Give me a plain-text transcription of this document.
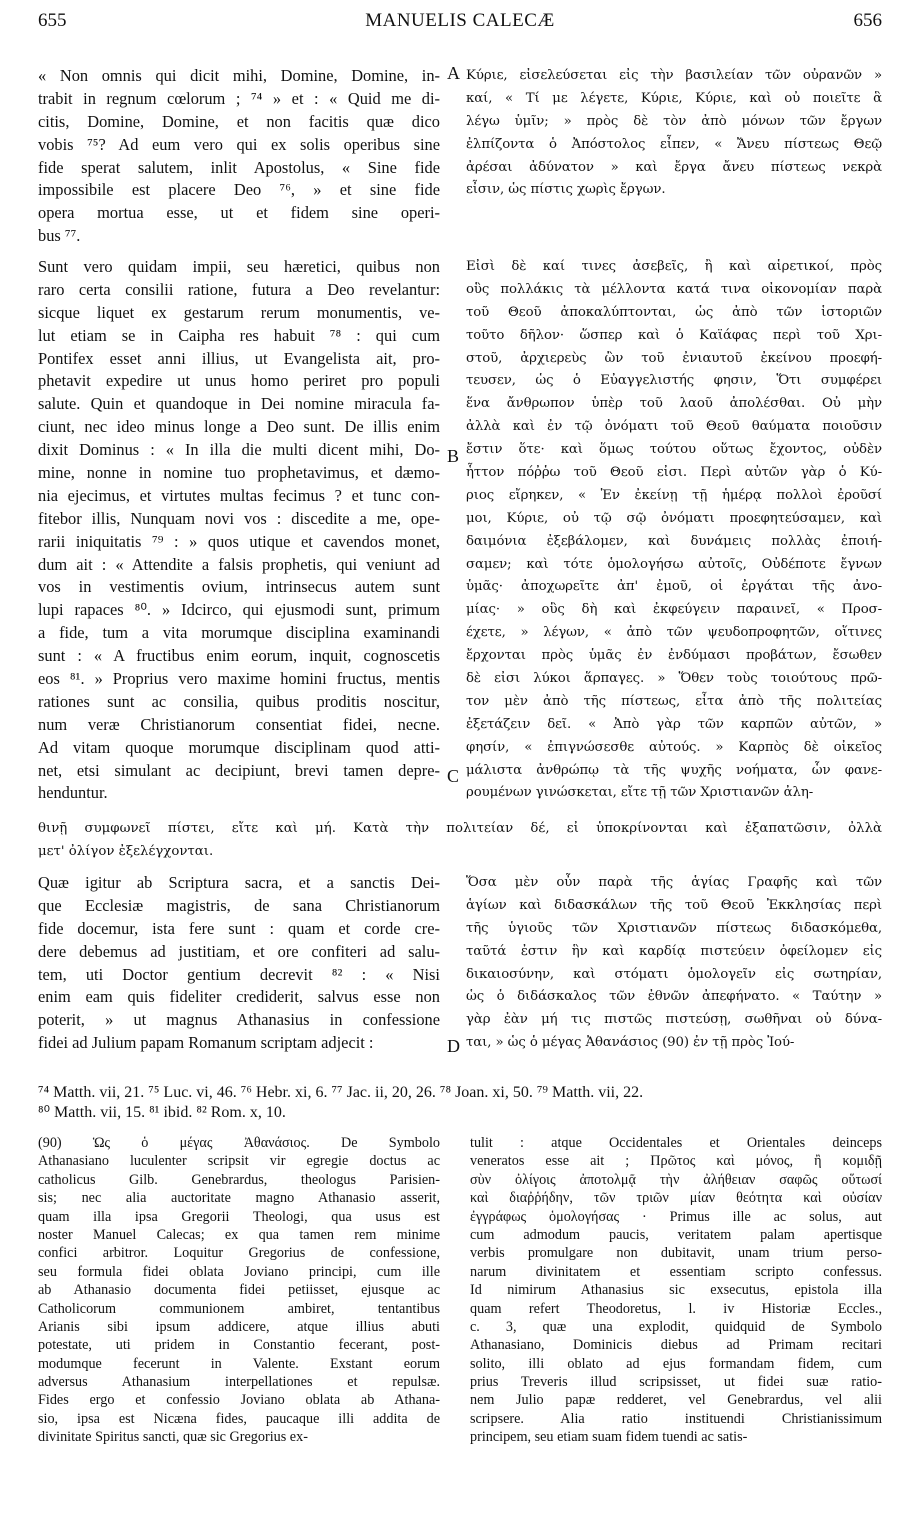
655	MANUELIS CALECÆ	656
A
B
C
D
« Non omnis qui dicit mihi, Domine, Domine, in-
trabit in regnum cœlorum ; ⁷⁴ » et : « Quid me di-
citis, Domine, Domine, et non facitis quæ dico
vobis ⁷⁵? Ad eum vero qui ex solis operibus sine
fide sperat salutem, inlit Apostolus, « Sine fide
impossibile est placere Deo ⁷⁶, » et sine fide
opera mortua esse, ut et fidem sine operi-
bus ⁷⁷.
Κύριε, εἰσελεύσεται εἰς τὴν βασιλείαν τῶν οὐρανῶν »
καί, « Τί με λέγετε, Κύριε, Κύριε, καὶ οὐ ποιεῖτε ἃ
λέγω ὑμῖν; » πρὸς δὲ τὸν ἀπὸ μόνων τῶν ἔργων
ἐλπίζοντα ὁ Ἀπόστολος εἶπεν, « Ἄνευ πίστεως Θεῷ
ἀρέσαι ἀδύνατον » καὶ ἔργα ἄνευ πίστεως νεκρὰ
εἶσιν, ὡς πίστις χωρὶς ἔργων.
Sunt vero quidam impii, seu hæretici, quibus non
raro certa consilii ratione, futura a Deo revelantur:
sicque liquet ex gestarum rerum monumentis, ve-
lut etiam se in Caipha res habuit ⁷⁸ : qui cum
Pontifex esset anni illius, ut Evangelista ait, pro-
phetavit expedire ut unus homo periret pro populi
salute. Quin et quandoque in Dei nomine miracula fa-
ciunt, nec ideo minus longe a Deo sunt. De illis enim
dixit Dominus : « In illa die multi dicent mihi, Do-
mine, nonne in nomine tuo prophetavimus, et dæmo-
nia ejecimus, et virtutes multas fecimus ? et tunc con-
fitebor illis, Nunquam novi vos : discedite a me, ope-
rarii iniquitatis ⁷⁹ : » quos utique et cavendos monet,
dum ait : « Attendite a falsis prophetis, qui veniunt ad
vos in vestimentis ovium, intrinsecus autem sunt
lupi rapaces ⁸⁰. » Idcirco, qui ejusmodi sunt, primum
a fide, tum a vita morumque disciplina examinandi
sunt : « A fructibus enim eorum, inquit, cognoscetis
eos ⁸¹. » Proprius vero maxime homini fructus, mentis
rationes sunt ac consilia, quibus proditis noscitur,
num veræ Christianorum consentiat fidei, necne.
Ad vitam quoque morumque disciplinam quod atti-
net, etsi simulant ac decipiunt, brevi tamen depre-
henduntur.
Εἰσὶ δὲ καί τινες ἀσεβεῖς, ἢ καὶ αἱρετικοί, πρὸς
οὓς πολλάκις τὰ μέλλοντα κατά τινα οἰκονομίαν παρὰ
τοῦ Θεοῦ ἀποκαλύπτονται, ὡς ἀπὸ τῶν ἱστοριῶν
τοῦτο δῆλον· ὥσπερ καὶ ὁ Καϊάφας περὶ τοῦ Χρι-
στοῦ, ἀρχιερεὺς ὢν τοῦ ἐνιαυτοῦ ἐκείνου προεφή-
τευσεν, ὡς ὁ Εὐαγγελιστής φησιν, Ὅτι συμφέρει
ἕνα ἄνθρωπον ὑπὲρ τοῦ λαοῦ ἀπολέσθαι. Οὐ μὴν
ἀλλὰ καὶ ἐν τῷ ὀνόματι τοῦ Θεοῦ θαύματα ποιοῦσιν
ἔστιν ὅτε· καὶ ὅμως τούτου οὕτως ἔχοντος, οὐδὲν
ἧττον πόῤῥω τοῦ Θεοῦ εἰσι. Περὶ αὐτῶν γὰρ ὁ Κύ-
ριος εἴρηκεν, « Ἐν ἐκείνῃ τῇ ἡμέρᾳ πολλοὶ ἐροῦσί
μοι, Κύριε, οὐ τῷ σῷ ὀνόματι προεφητεύσαμεν, καὶ
δαιμόνια ἐξεβάλομεν, καὶ δυνάμεις πολλὰς ἐποιή-
σαμεν; καὶ τότε ὁμολογήσω αὐτοῖς, Οὐδέποτε ἔγνων
ὑμᾶς· ἀποχωρεῖτε ἀπ' ἐμοῦ, οἱ ἐργάται τῆς ἀνο-
μίας· » οὓς δὴ καὶ ἐκφεύγειν παραινεῖ, « Προσ-
έχετε, » λέγων, « ἀπὸ τῶν ψευδοπροφητῶν, οἵτινες
ἔρχονται πρὸς ὑμᾶς ἐν ἐνδύμασι προβάτων, ἔσωθεν
δὲ εἰσι λύκοι ἅρπαγες. » Ὅθεν τοὺς τοιούτους πρῶ-
τον μὲν ἀπὸ τῆς πίστεως, εἶτα ἀπὸ τῆς πολιτείας
ἐξετάζειν δεῖ. « Ἀπὸ γὰρ τῶν καρπῶν αὐτῶν, »
φησίν, « ἐπιγνώσεσθε αὐτούς. » Καρπὸς δὲ οἰκεῖος
μάλιστα ἀνθρώπῳ τὰ τῆς ψυχῆς νοήματα, ὧν φανε-
ρουμένων γινώσκεται, εἴτε τῇ τῶν Χριστιανῶν ἀλη-
θινῇ συμφωνεῖ πίστει, εἴτε καὶ μή. Κατὰ τὴν πολιτείαν δέ, εἰ ὑποκρίνονται καὶ ἐξαπατῶσιν, ὀλλὰ
μετ' ὀλίγον ἐξελέγχονται.
Quæ igitur ab Scriptura sacra, et a sanctis Dei-
que Ecclesiæ magistris, de sana Christianorum
fide docemur, ista fere sunt : quam et corde cre-
dere debemus ad justitiam, et ore confiteri ad salu-
tem, uti Doctor gentium decrevit ⁸² : « Nisi
enim eam quis fideliter crediderit, salvus esse non
poterit, » ut magnus Athanasius in confessione
fidei ad Julium papam Romanum scriptam adjecit :
Ὅσα μὲν οὖν παρὰ τῆς ἁγίας Γραφῆς καὶ τῶν
ἁγίων καὶ διδασκάλων τῆς τοῦ Θεοῦ Ἐκκλησίας περὶ
τῆς ὑγιοῦς τῶν Χριστιανῶν πίστεως διδασκόμεθα,
ταῦτά ἐστιν ἣν καὶ καρδίᾳ πιστεύειν ὀφείλομεν εἰς
δικαιοσύνην, καὶ στόματι ὁμολογεῖν εἰς σωτηρίαν,
ὡς ὁ διδάσκαλος τῶν ἐθνῶν ἀπεφήνατο. « Ταύτην »
γὰρ ἐὰν μή τις πιστῶς πιστεύσῃ, σωθῆναι οὐ δύνα-
ται, » ὡς ὁ μέγας Ἀθανάσιος (90) ἐν τῇ πρὸς Ἰού-
⁷⁴ Matth. vii, 21. ⁷⁵ Luc. vi, 46. ⁷⁶ Hebr. xi, 6. ⁷⁷ Jac. ii, 20, 26. ⁷⁸ Joan. xi, 50. ⁷⁹ Matth. vii, 22.
⁸⁰ Matth. vii, 15. ⁸¹ ibid. ⁸² Rom. x, 10.
(90) Ὡς ὁ μέγας Ἀθανάσιος. De Symbolo
Athanasiano luculenter scripsit vir egregie doctus ac
catholicus Gilb. Genebrardus, theologus Parisien-
sis; nec alia auctoritate magno Athanasio asserit,
quam illa ipsa Gregorii Theologi, qua usus est
noster Manuel Calecas; ex qua tamen rem minime
confici arbitror. Loquitur Gregorius de confessione,
seu formula fidei oblata Joviano principi, cum ille
ab Athanasio documenta fidei petiisset, ejusque ac
Catholicorum communionem ambiret, tentantibus
Arianis sibi ipsum addicere, atque illius abuti
potestate, uti pridem in Constantio fecerant, post-
modumque fecerunt in Valente. Exstant eorum
adversus Athanasium interpellationes et repulsæ.
Fides ergo et confessio Joviano oblata ab Athana-
sio, ipsa est Nicæna fides, paucaque illi addita de
divinitate Spiritus sancti, quæ sic Gregorius ex-
tulit : atque Occidentales et Orientales deinceps
veneratos esse ait ; Πρῶτος καὶ μόνος, ἢ κομιδῇ
σὺν ὀλίγοις ἀποτολμᾷ τὴν ἀλήθειαν σαφῶς οὕτωσί
καὶ διαῤῥήδην, τῶν τριῶν μίαν θεότητα καὶ οὐσίαν
ἐγγράφως ὁμολογήσας · Primus ille ac solus, aut
cum admodum paucis, veritatem palam apertisque
verbis promulgare non dubitavit, unam trium perso-
narum divinitatem et essentiam scripto confessus.
Id nimirum Athanasius sic exsecutus, epistola illa
quam refert Theodoretus, l. iv Historiæ Eccles.,
c. 3, quæ una explodit, quidquid de Symbolo
Athanasiano, Dominicis diebus ad Primam recitari
solito, illi oblato ad ejus formandam fidem, cum
prius Treveris illud scripsisset, ut fidei suæ ratio-
nem Julio papæ redderet, vel Genebrardus, vel alii
scripsere. Alia ratio instituendi Christianissimum
principem, seu etiam suam fidem tuendi ac satis-
